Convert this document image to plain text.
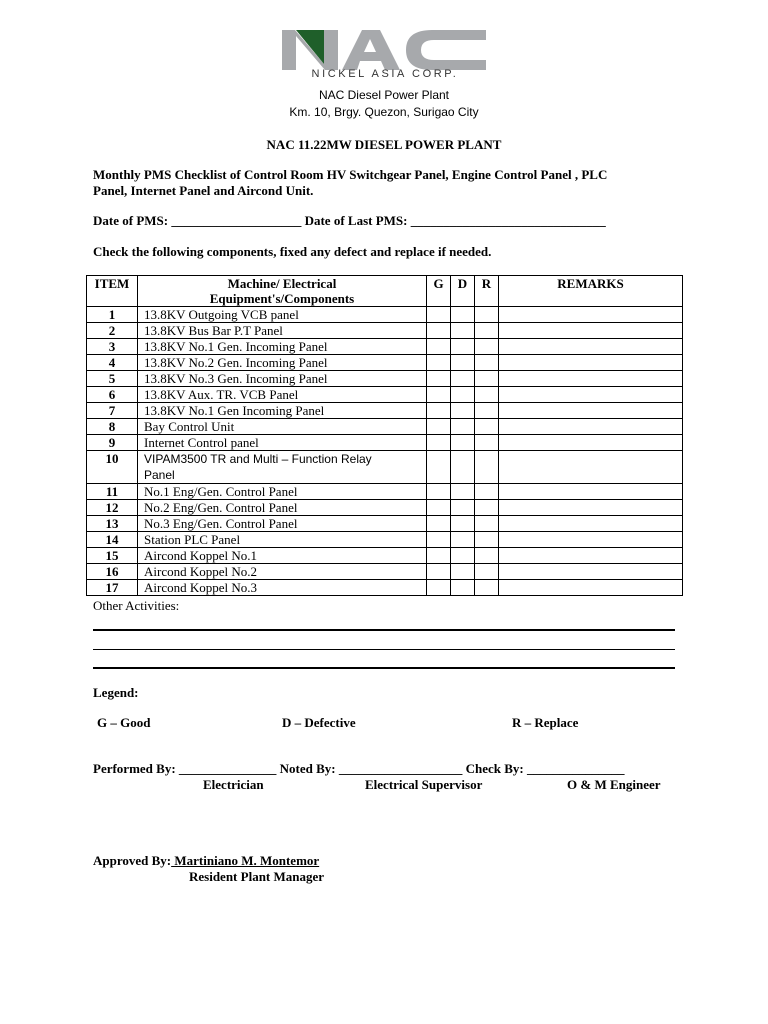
NICKEL ASIA CORP.
NAC Diesel Power Plant
Km. 10, Brgy. Quezon, Surigao City
NAC 11.22MW DIESEL POWER PLANT
Monthly PMS Checklist of Control Room HV Switchgear Panel, Engine Control Panel , PLC
Panel, Internet Panel and Aircond Unit.
Date of PMS: ____________________ Date of Last PMS: ______________________________
Check the following components, fixed any defect and replace if needed.
ITEM	Machine/ Electrical
Equipment's/Components	G	D	R	REMARKS
1	13.8KV Outgoing VCB panel				
2	13.8KV Bus Bar P.T Panel				
3	13.8KV No.1 Gen. Incoming Panel				
4	13.8KV No.2 Gen. Incoming Panel				
5	13.8KV No.3 Gen. Incoming Panel				
6	13.8KV Aux. TR. VCB Panel				
7	13.8KV No.1 Gen Incoming Panel				
8	Bay Control Unit				
9	Internet Control panel				
10	VIPAM3500 TR and Multi – Function Relay
Panel				

11	No.1 Eng/Gen. Control Panel				
12	No.2 Eng/Gen. Control Panel				
13	No.3 Eng/Gen. Control Panel				
14	Station PLC Panel				
15	Aircond Koppel No.1				
16	Aircond Koppel No.2				
17	Aircond Koppel No.3				
Other Activities:
Legend:
G – Good	D – Defective	R – Replace
Performed By: _______________ Noted By: ___________________ Check By: _______________
Electrician	Electrical Supervisor	O & M Engineer
Approved By: Martiniano M. Montemor
Resident Plant Manager
